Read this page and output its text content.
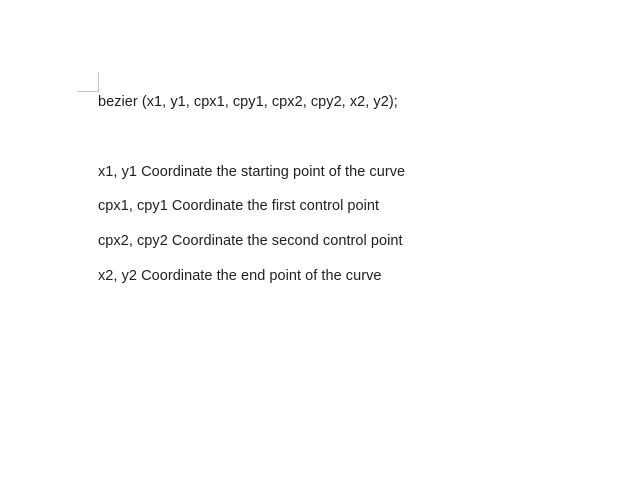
bezier (x1, y1, cpx1, cpy1, cpx2, cpy2, x2, y2);
x1, y1 Coordinate the starting point of the curve
cpx1, cpy1 Coordinate the first control point
cpx2, cpy2 Coordinate the second control point
x2, y2 Coordinate the end point of the curve
